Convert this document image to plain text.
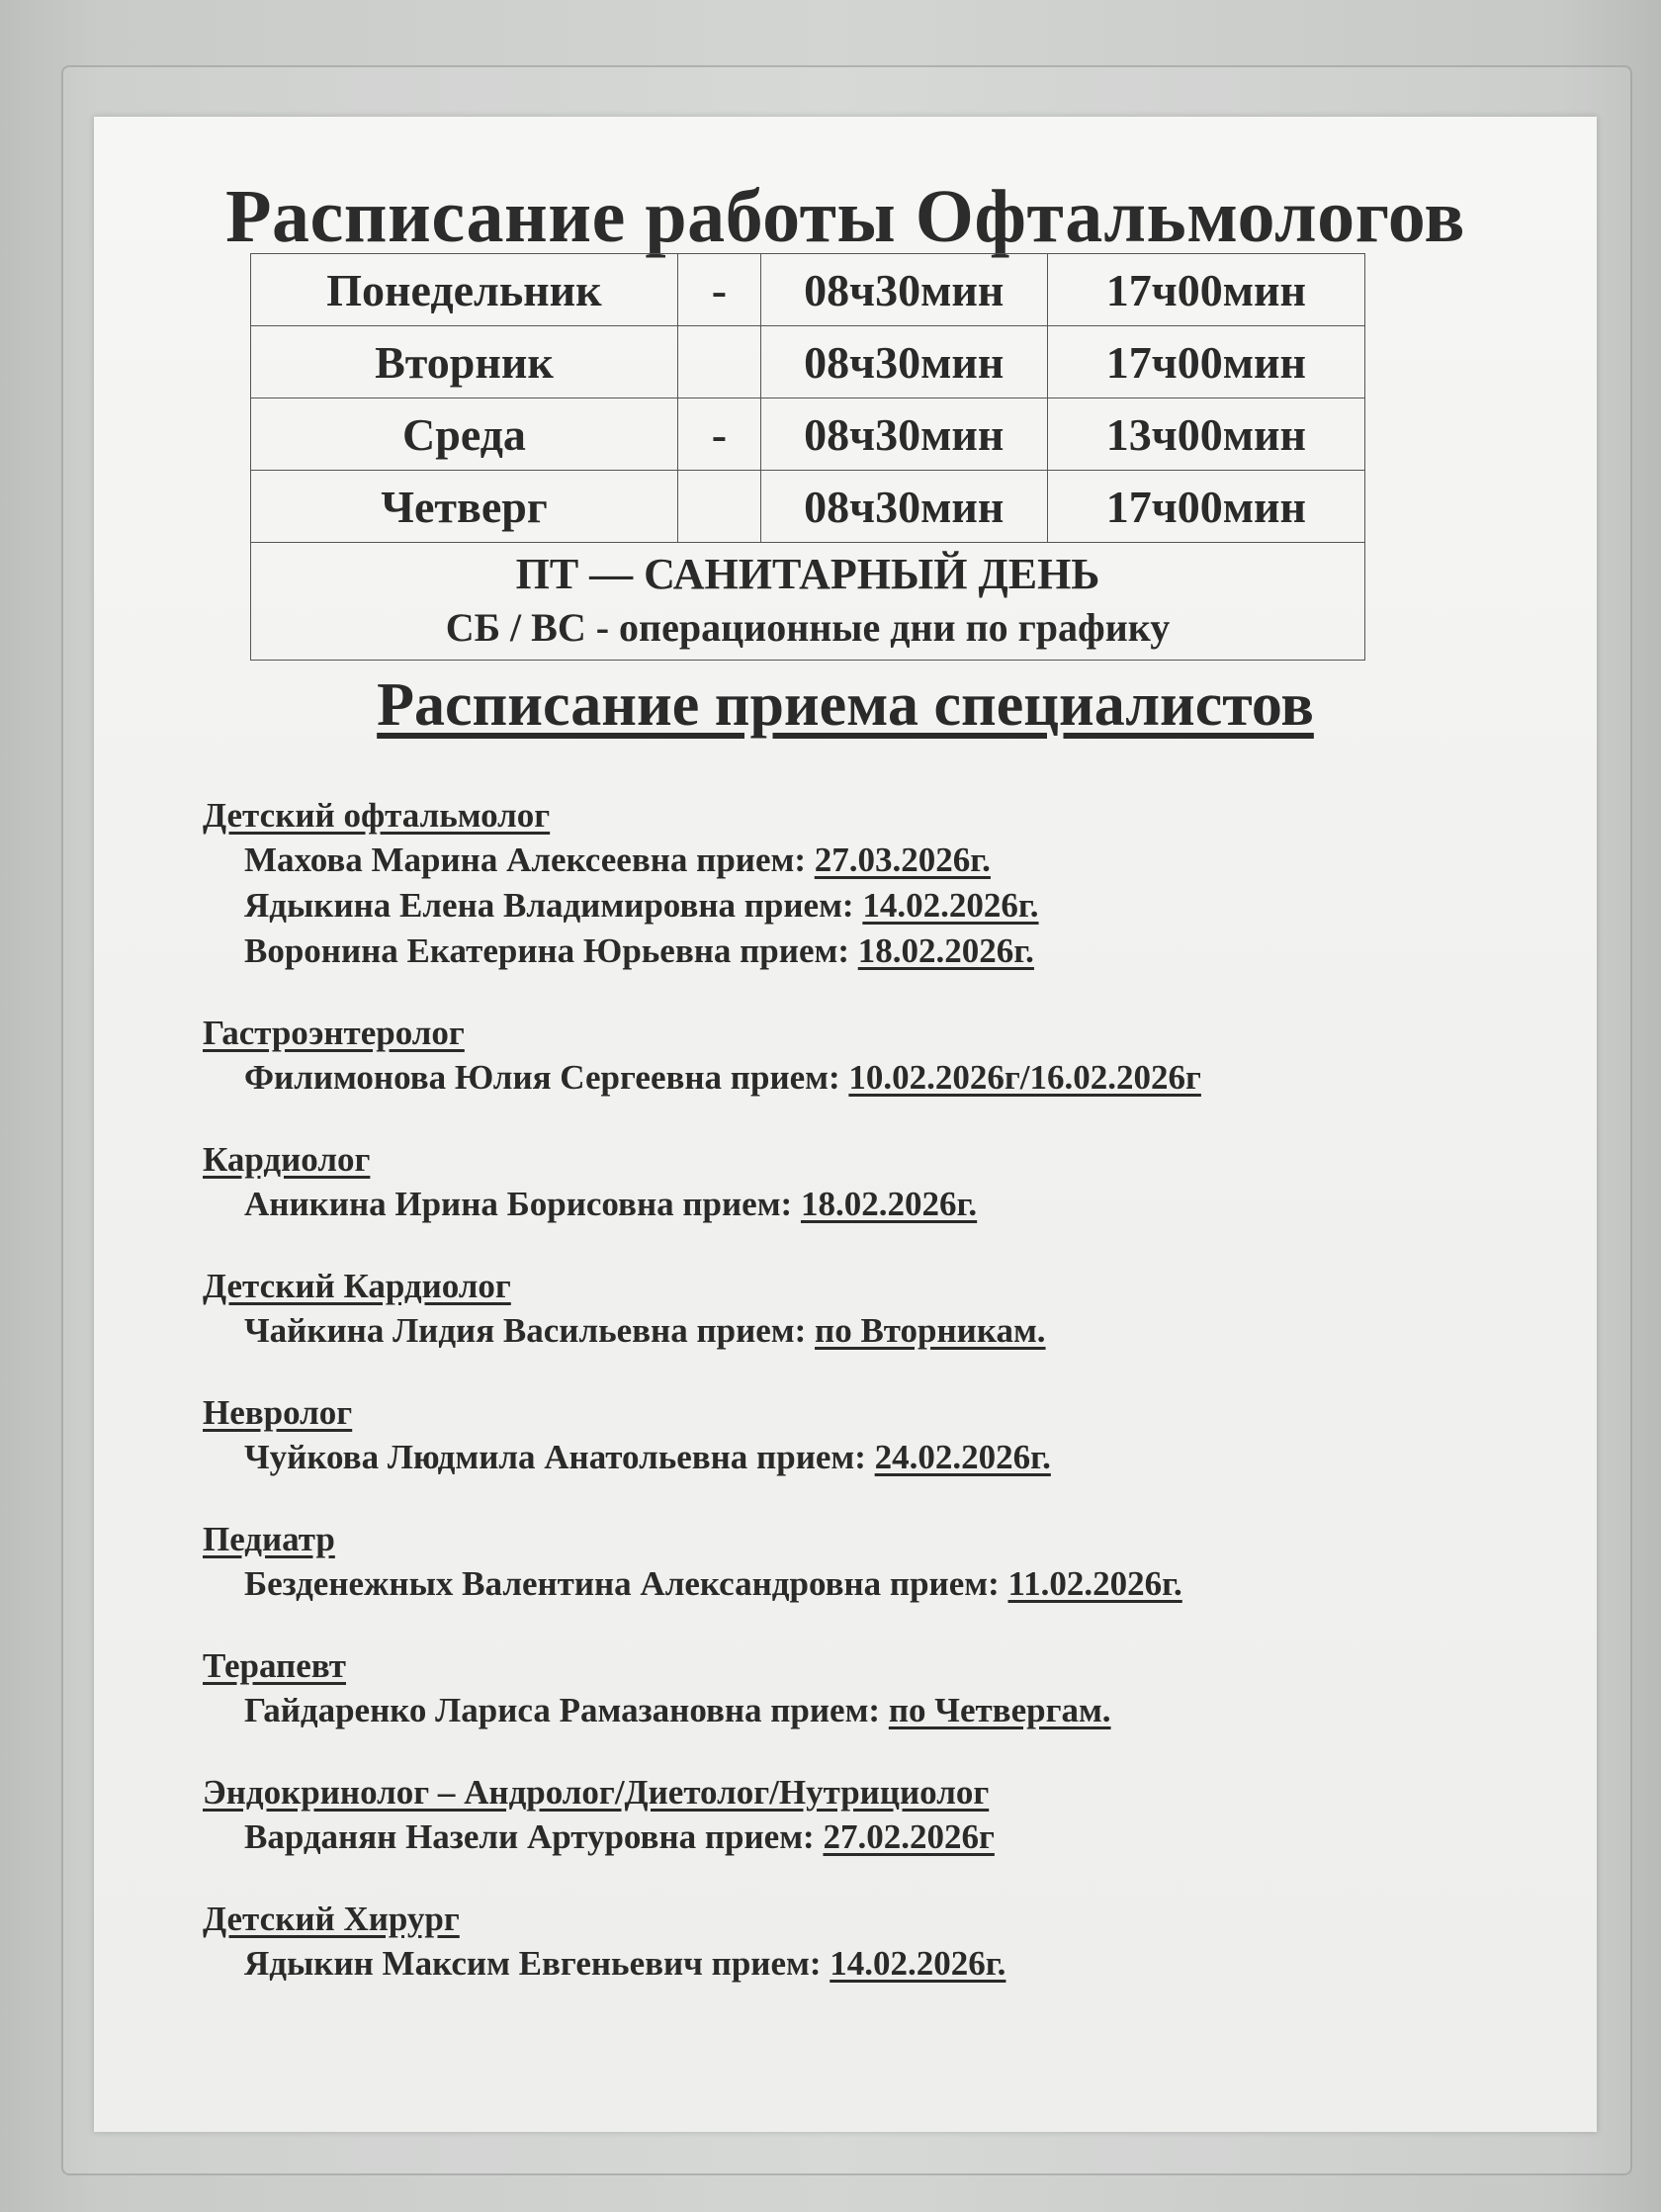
Расписание работы Офтальмологов
Понедельник	-	08ч30мин	17ч00мин
Вторник		08ч30мин	17ч00мин
Среда	-	08ч30мин	13ч00мин
Четверг		08ч30мин	17ч00мин

ПТ — САНИТАРНЫЙ ДЕНЬ
СБ / ВС - операционные дни по графику			
Расписание приема специалистов
Детский офтальмолог
Махова Марина Алексеевна прием: 27.03.2026г.
Ядыкина Елена Владимировна прием: 14.02.2026г.
Воронина Екатерина Юрьевна прием: 18.02.2026г.
Гастроэнтеролог
Филимонова Юлия Сергеевна прием: 10.02.2026г/16.02.2026г
Кардиолог
Аникина Ирина Борисовна прием: 18.02.2026г.
Детский Кардиолог
Чайкина Лидия Васильевна прием: по Вторникам.
Невролог
Чуйкова Людмила Анатольевна прием: 24.02.2026г.
Педиатр
Безденежных Валентина Александровна прием: 11.02.2026г.
Терапевт
Гайдаренко Лариса Рамазановна прием: по Четвергам.
Эндокринолог – Андролог/Диетолог/Нутрициолог
Варданян Назели Артуровна прием: 27.02.2026г
Детский Хирург
Ядыкин Максим Евгеньевич прием: 14.02.2026г.
